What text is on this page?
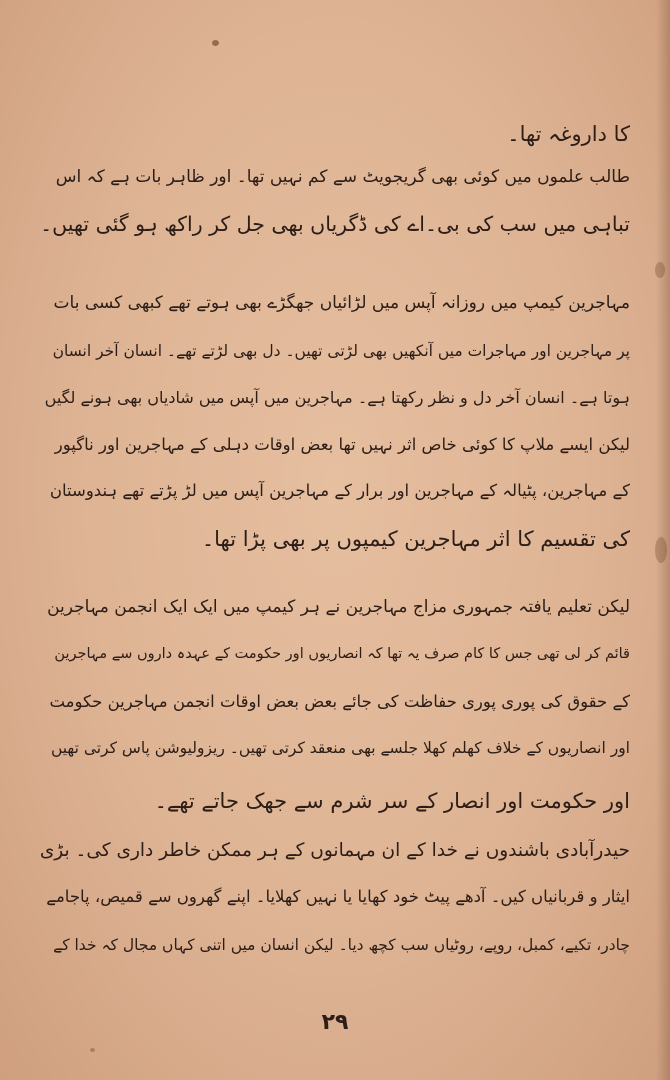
کا داروغہ تھا۔
طالب علموں میں کوئی بھی گریجویٹ سے کم نہیں تھا۔ اور ظاہر بات ہے کہ اس
تباہی میں سب کی بی۔اے کی ڈگریاں بھی جل کر راکھ ہو گئی تھیں۔
مہاجرین کیمپ میں روزانہ آپس میں لڑائیاں جھگڑے بھی ہوتے تھے کبھی کسی بات
پر مہاجرین اور مہاجرات میں آنکھیں بھی لڑتی تھیں۔ دل بھی لڑتے تھے۔ انسان آخر انسان
ہوتا ہے۔ انسان آخر دل و نظر رکھتا ہے۔ مہاجرین میں آپس میں شادیاں بھی ہونے لگیں
لیکن ایسے ملاپ کا کوئی خاص اثر نہیں تھا بعض اوقات دہلی کے مہاجرین اور ناگپور
کے مہاجرین، پٹیالہ کے مہاجرین اور برار کے مہاجرین آپس میں لڑ پڑتے تھے ہندوستان
کی تقسیم کا اثر مہاجرین کیمپوں پر بھی پڑا تھا۔
لیکن تعلیم یافتہ جمہوری مزاج مہاجرین نے ہر کیمپ میں ایک ایک انجمن مہاجرین
قائم کر لی تھی جس کا کام صرف یہ تھا کہ انصاریوں اور حکومت کے عہدہ داروں سے مہاجرین
کے حقوق کی پوری پوری حفاظت کی جائے بعض بعض اوقات انجمن مہاجرین حکومت
اور انصاریوں کے خلاف کھلم کھلا جلسے بھی منعقد کرتی تھیں۔ ریزولیوشن پاس کرتی تھیں
اور حکومت اور انصار کے سر شرم سے جھک جاتے تھے۔
حیدرآبادی باشندوں نے خدا کے ان مہمانوں کے ہر ممکن خاطر داری کی۔ بڑی
ایثار و قربانیاں کیں۔ آدھے پیٹ خود کھایا یا نہیں کھلایا۔ اپنے گھروں سے قمیص، پاجامے
چادر، تکیے، کمبل، روپے، روٹیاں سب کچھ دیا۔ لیکن انسان میں اتنی کہاں مجال کہ خدا کے
۲۹
